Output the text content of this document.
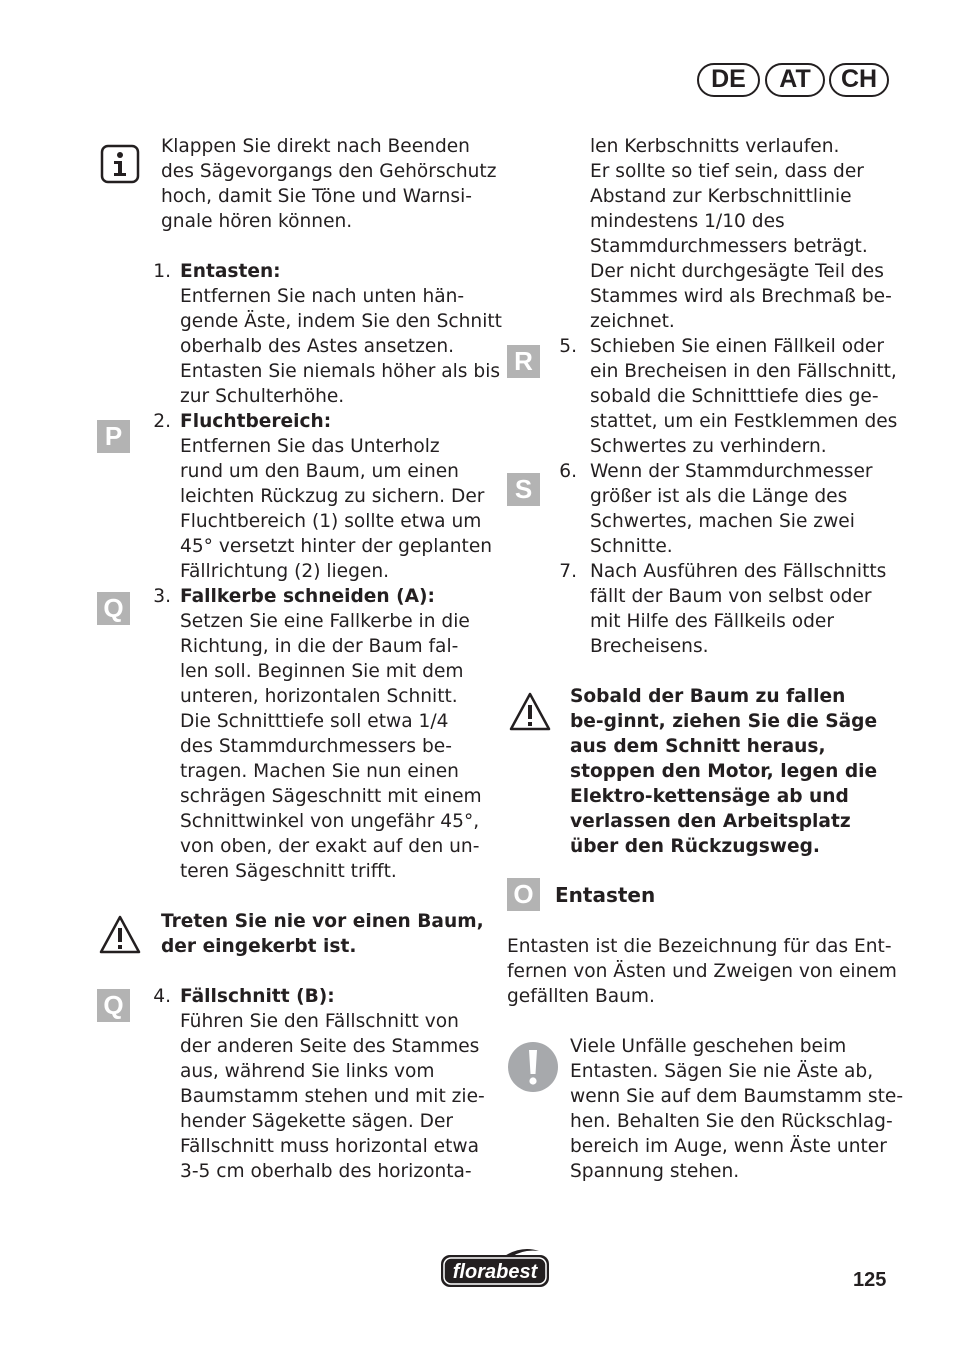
DE	AT	CH
Klappen Sie direkt nach Beenden
des Sägevorgangs den Gehörschutz
hoch, damit Sie Töne und Warnsi-
gnale hören können.
P
Q
Q
R
S
O
1. Entasten:
Entfernen Sie nach unten hän-
gende Äste, indem Sie den Schnitt
oberhalb des Astes ansetzen.
Entasten Sie niemals höher als bis
zur Schulterhöhe.
2. Fluchtbereich:
Entfernen Sie das Unterholz
rund um den Baum, um einen
leichten Rückzug zu sichern. Der
Fluchtbereich (1) sollte etwa um
45° versetzt hinter der geplanten
Fällrichtung (2) liegen.
3. Fallkerbe schneiden (A):
Setzen Sie eine Fallkerbe in die
Richtung, in die der Baum fal-
len soll. Beginnen Sie mit dem
unteren, horizontalen Schnitt.
Die Schnitttiefe soll etwa 1/4
des Stammdurchmessers be-
tragen. Machen Sie nun einen
schrägen Sägeschnitt mit einem
Schnittwinkel von ungefähr 45°,
von oben, der exakt auf den un-
teren Sägeschnitt trifft.
Treten Sie nie vor einen Baum,
der eingekerbt ist.
4. Fällschnitt (B):
Führen Sie den Fällschnitt von
der anderen Seite des Stammes
aus, während Sie links vom
Baumstamm stehen und mit zie-
hender Sägekette sägen. Der
Fällschnitt muss horizontal etwa
3-5 cm oberhalb des horizonta-
len Kerbschnitts verlaufen.
Er sollte so tief sein, dass der
Abstand zur Kerbschnittlinie
mindestens 1/10 des
Stammdurchmessers beträgt.
Der nicht durchgesägte Teil des
Stammes wird als Brechmaß be-
zeichnet.
5. Schieben Sie einen Fällkeil oder
ein Brecheisen in den Fällschnitt,
sobald die Schnitttiefe dies ge-
stattet, um ein Festklemmen des
Schwertes zu verhindern.
6. Wenn der Stammdurchmesser
größer ist als die Länge des
Schwertes, machen Sie zwei
Schnitte.
7. Nach Ausführen des Fällschnitts
fällt der Baum von selbst oder
mit Hilfe des Fällkeils oder
Brecheisens.
Sobald der Baum zu fallen
be-ginnt, ziehen Sie die Säge
aus dem Schnitt heraus,
stoppen den Motor, legen die
Elektro-kettensäge ab und
verlassen den Arbeitsplatz
über den Rückzugsweg.
Entasten
Entasten ist die Bezeichnung für das Ent-
fernen von Ästen und Zweigen von einem
gefällten Baum.
Viele Unfälle geschehen beim
Entasten. Sägen Sie nie Äste ab,
wenn Sie auf dem Baumstamm ste-
hen. Behalten Sie den Rückschlag-
bereich im Auge, wenn Äste unter
Spannung stehen.
florabest	125
